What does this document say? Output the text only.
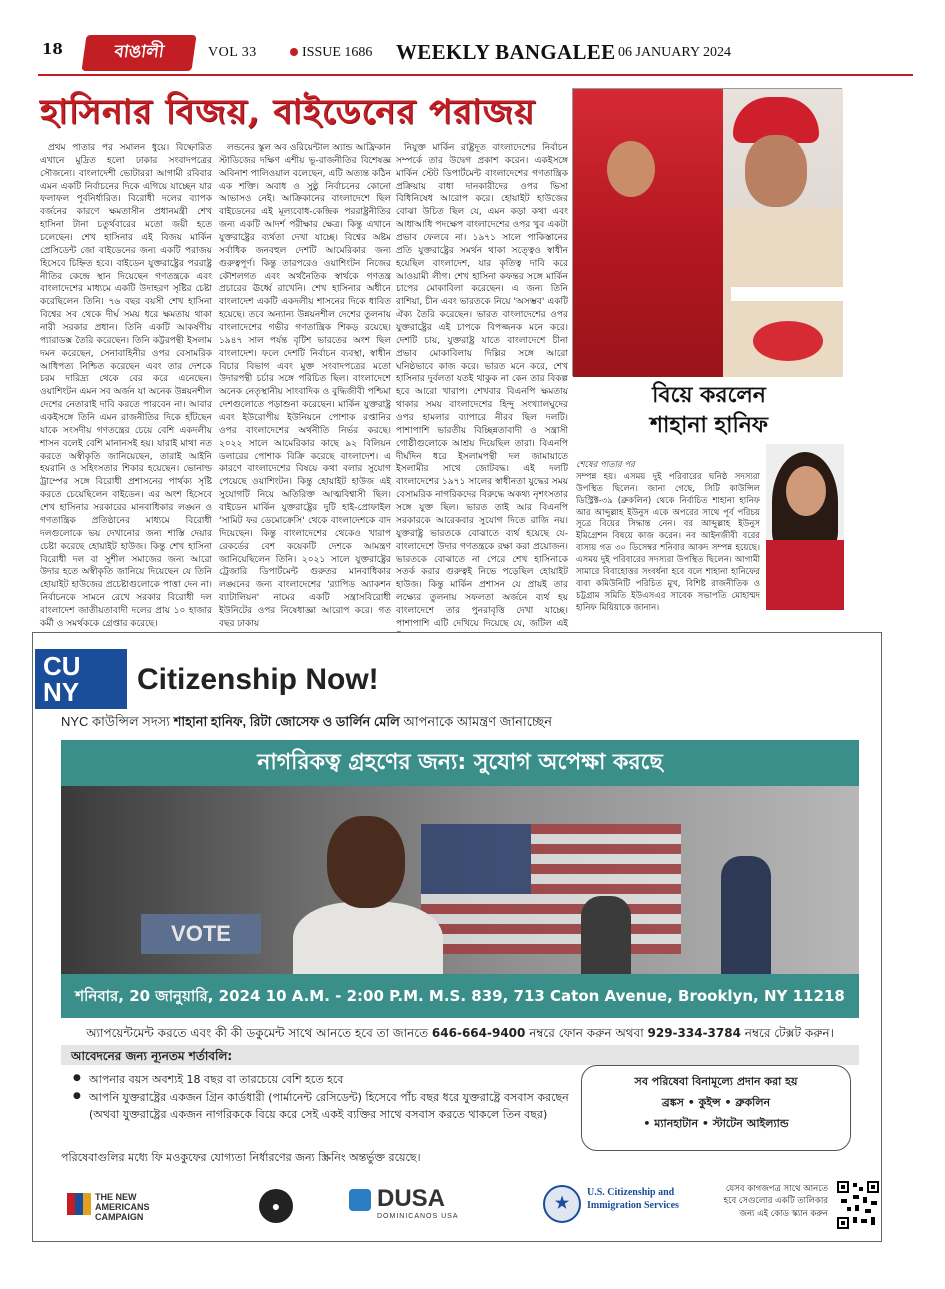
18	বাঙালী	VOL 33	ISSUE 1686 WEEKLY BANGALEE 06 JANUARY 2024
হাসিনার বিজয়, বাইডেনের পরাজয়

প্রথম পাতার পর সমালন ধুয়ে। বিষ্ফোরিত এখানে মুদ্রিত হলো ঢাকার সংবাদপত্রের সৌজন্যে। বাংলাদেশী ভোটাররা আগামী রবিবার এমন একটি নির্বাচনের দিকে এগিয়ে যাচ্ছেন যার ফলাফল পূর্বনির্ধারিত। বিরোধী দলের ব্যাপক বর্জনের কারণে ক্ষমতাসীন প্রধানমন্ত্রী শেখ হাসিনা টানা চতুর্থবারের মতো জয়ী হতে চলেছেন। শেখ হাসিনার এই বিজয় মার্কিন প্রেসিডেন্ট জো বাইডেনের জন্য একটি পরাজয় হিসেবে চিহ্নিত হবে। বাইডেন যুক্তরাষ্ট্রের পররাষ্ট্র নীতির কেন্দ্রে স্থান দিয়েছেন গণতন্ত্রকে এবং বাংলাদেশের মাধ্যমে একটি উদাহরণ সৃষ্টির চেষ্টা করেছিলেন তিনি। ৭৬ বছর বয়সী শেখ হাসিনা বিশ্বের সব থেকে দীর্ঘ সময় ধরে ক্ষমতায় থাকা নারী সরকার প্রধান। তিনি একটি আকর্ষণীয় প্যারাডক্স তৈরি করেছেন। তিনি কট্টরপন্থী ইসলাম দমন করেছেন, সেনাবাহিনীর ওপর বেসামরিক আধিপত্য নিশ্চিত করেছেন এবং তার দেশকে চরম দারিদ্র্য থেকে বের করে এনেছেন। ওয়াশিংটন এমন সব অর্জন যা অনেক উন্নয়নশীল দেশের নেতারাই দাবি করতে পারবেন না। আবার একইসঙ্গে তিনি এমন রাজনীতির দিকে হাঁটছেন যাকে সংসদীয় গণতন্ত্রের চেয়ে বেশি একদলীয় শাসন বলেই বেশি মানানসই হয়। যারাই মাথা নত করতে অস্বীকৃতি জানিয়েছেন, তারাই আইনি হয়রানি ও সহিংসতার শিকার হয়েছেন। ভোনাল্ড ট্রাম্পের সঙ্গে বিরোধী প্রশাসনের পার্থক্য সৃষ্টি করতে চেয়েছিলেন বাইডেন। এর অংশ হিসেবে শেখ হাসিনার সরকারের মানবাধিকার লঙ্ঘন ও গণতান্ত্রিক প্রতিষ্ঠানের মাধ্যমে বিরোধী দলগুলোকে ভয় দেখানোর জন্য শাস্তি দেয়ার চেষ্টা করেছে হোয়াইট হাউজ। কিন্তু শেখ হাসিনা বিরোধী দল বা সুশীল সমাজের জন্য আরো উদার হতে অস্বীকৃতি জানিয়ে দিয়েছেন যে তিনি হোয়াইট হাউজের প্রচেষ্টাগুলোকে পাত্তা দেন না। নির্বাচনকে সামনে রেখে সরকার বিরোধী দল বাংলাদেশ জাতীয়তাবাদী দলের প্রায় ১০ হাজার কর্মী ও সমর্থককে গ্রেপ্তার করেছে।

লন্ডনের স্কুল অব ওরিয়েন্টাল অ্যান্ড আফ্রিকান স্টাডিজের দক্ষিণ এশীয় ভূ-রাজনীতির বিশেষজ্ঞ অবিনাশ পালিওয়াল বলেছেন, এটি অত্যন্ত কঠিন এক শক্তি। অবাধ ও সুষ্ঠু নির্বাচনের কোনো আভাসও নেই। আক্রিকানের বাংলাদেশে ছিল বাইডেনের এই মূল্যবোধ-কেন্দ্রিক পররাষ্ট্রনীতির জন্য একটি আদর্শ পরীক্ষার ক্ষেত্র। কিন্তু এখানে যুক্তরাষ্ট্রের ব্যর্থতা দেখা যাচ্ছে। বিশ্বের অষ্টম সর্বাধিক জনবহুল দেশটি আমেরিকার জন্য গুরুত্বপূর্ণ। কিন্তু তারপরেও ওয়াশিংটন নিজের কৌশলগত এবং অর্থনৈতিক স্বার্থকে গণতন্ত্র প্রচারের ঊর্ধ্বে রাখেনি। শেখ হাসিনার অধীনে বাংলাদেশ একটি একদলীয় শাসনের দিকে ধাবিত হয়েছে। তবে অন্যান্য উন্নয়নশীল দেশের তুলনায় বাংলাদেশের গভীর গণতান্ত্রিক শিকড় রয়েছে। ১৯৪৭ সাল পর্যন্ত বৃটিশ ভারতের অংশ ছিল বাংলাদেশ। ফলে দেশটি নির্বাচন ব্যবস্থা, স্বাধীন বিচার বিভাগ এবং মুক্ত সংবাদপত্রের মতো উদারপন্থী চর্চার সঙ্গে পরিচিত ছিল। বাংলাদেশে অনেক নেতৃস্থানীয় সাংবাদিক ও বুদ্ধিজীবী পশ্চিমা দেশগুলোতে পড়াশুনা করেছেন। মার্কিন যুক্তরাষ্ট্র এবং ইউরোপীয় ইউনিয়নে পোশাক রপ্তানির ওপর বাংলাদেশের অর্থনীতি নির্ভর করছে। ২০২২ সালে আমেরিকার কাছে ৯২ বিলিয়ন ডলারের পোশাক বিক্রি করেছে বাংলাদেশ। এ কারণে বাংলাদেশের বিষয়ে কথা বলার সুযোগ পেয়েছে ওয়াশিংটন। কিন্তু হোয়াইট হাউজ এই সুযোগটি নিয়ে অতিরিক্ত আত্মবিশ্বাসী ছিল। বাইডেন মার্কিন যুক্তরাষ্ট্রের দুটি হাই-প্রোফাইল 'সামিট ফর ডেমোক্রেসি' থেকে বাংলাদেশকে বাদ দিয়েছেন। কিন্তু বাংলাদেশের থেকেও খারাপ রেকর্ডের বেশ কয়েকটি দেশকে আমন্ত্রণ জানিয়েছিলেন তিনি। ২০২১ সালে যুক্তরাষ্ট্রের ট্রেজারি ডিপার্টমেন্ট গুরুতর মানবাধিকার লঙ্ঘনের জন্য বাংলাদেশের 'র‍্যাপিড অ্যাকশন ব্যাটালিয়ন' নামের একটি সন্ত্রাসবিরোধী ইউনিটের ওপর নিষেধাজ্ঞা আরোপ করে। গত বছর ঢাকায়

নিযুক্ত মার্কিন রাষ্ট্রদূত বাংলাদেশের নির্বাচন সম্পর্কে তার উদ্বেগ প্রকাশ করেন। একইসঙ্গে মার্কিন স্টেট ডিপার্টমেন্ট বাংলাদেশের গণতান্ত্রিক প্রক্রিয়ায় বাধা দানকারীদের ওপর ভিসা বিধিনিষেধ আরোপ করে। হোয়াইট হাউজের বোঝা উচিত ছিল যে, এমন কড়া কথা এবং আধাআধি পদক্ষেপ বাংলাদেশের ওপর খুব একটা প্রভাব ফেলবে না। ১৯৭১ সালে পাকিস্তানের প্রতি যুক্তরাষ্ট্রের সমর্থন থাকা সত্ত্বেও স্বাধীন হয়েছিল বাংলাদেশ, যার কৃতিত্ব দাবি করে আওয়ামী লীগ। শেখ হাসিনা কফন্তর সঙ্গে মার্কিন চাপের মোকাবিলা করেছেন। এ জন্য তিনি রাশিয়া, চীন এবং ভারতকে নিয়ে 'অসম্ভব' একটি ঐক্য তৈরি করেছেন। ভারত বাংলাদেশের ওপর যুক্তরাষ্ট্রের এই চাপকে বিপজ্জনক মনে করে। দেশটি চায়, যুক্তরাষ্ট্র যাতে বাংলাদেশে চীনা প্রভাব মোকাবিলায় দিল্লির সঙ্গে আরো ঘনিষ্ঠভাবে কাজ করে। ভারত মনে করে, শেখ হাসিনার দুর্বলতা যতই থাকুক না কেন তার বিকল্প হবে আরো খারাপ। শেখবার বিএনপি ক্ষমতায় থাকার সময় বাংলাদেশের হিন্দু সংখ্যালঘুদের ওপর হামলার ব্যাপারে নীরব ছিল দলটি। পাশাপাশি ভারতীয় বিচ্ছিন্নতাবাদী ও সন্ত্রাসী গোষ্ঠীগুলোকে আশ্রয় দিয়েছিল তারা। বিএনপি দীর্ঘদিন ধরে ইসলামপন্থী দল জামায়াতে ইসলামীর সাথে জোটবদ্ধ। এই দলটি বাংলাদেশের ১৯৭১ সালের স্বাধীনতা যুদ্ধের সময় বেসামরিক নাগরিকদের বিরুদ্ধে অকথ্য নৃশংসতার সঙ্গে যুক্ত ছিল। ভারত তাই আর বিএনপি সরকারকে আরেকবার সুযোগ দিতে রাজি নয়। যুক্তরাষ্ট্র ভারতকে বোঝাতে ব্যর্থ হয়েছে যে- বাংলাদেশে উদার গণতন্ত্রকে রক্ষা করা প্রয়োজন। ভারতকে বোঝাতে না পেরে শেখ হাসিনাকে সতর্ক করার গুরুত্বই নিভে পড়েছিল হোয়াইট হাউজ। কিন্তু মার্কিন প্রশাসন যে প্রায়ই তার লক্ষ্যের তুলনায় সফলতা অর্জনে ব্যর্থ হয় বাংলাদেশে তার পুনরাবৃত্তি দেখা যাচ্ছে। পাশাপাশি এটি দেখিয়ে দিয়েছে যে, জটিল এই

বিয়ে করলেন
শাহানা হানিফ
শেষের পাতার পর
সম্পন্ন হয়। এসময় দুই পরিবারের ঘনিষ্ঠ সদস্যরা উপস্থিত ছিলেন। জানা গেছে, সিটি কাউন্সিল ডিস্ট্রিক্ট-৩৯ (ব্রুকলিন) থেকে নির্বাচিত শাহানা হানিফ আর আব্দুল্লাহ ইউনুস একে অপরের সাথে পূর্ব পরিচয় সূত্রে বিয়ের সিদ্ধান্ত নেন। বর আব্দুল্লাহ ইউনুস ইমিগ্রেশন বিষয়ে কাজ করেন। নব আইনজীবী বরের বাসায় গত ৩০ ডিসেম্বর শনিবার আকদ সম্পন্ন হয়েছে। এসময় দুই পরিবারের সদস্যরা উপস্থিত ছিলেন। আগামী সামারে বিবাহোত্তর সংবর্ধনা হবে বলে শাহানা হানিফের বাবা কমিউনিটি পরিচিত মুখ, বিশিষ্ট রাজনীতিক ও চট্টগ্রাম সমিতি ইউএসএর সাবেক সভাপতি মোহাম্মদ হানিফ মিয়িয়াকে জানান।
CU
NY	Citizenship Now!
NYC কাউন্সিল সদস্য শাহানা হানিফ, রিটা জোসেফ ও ডার্লিন মেলি আপনাকে আমন্ত্রণ জানাচ্ছেন
নাগরিকত্ব গ্রহণের জন্য: সুযোগ অপেক্ষা করছে
VOTE
শনিবার, 20 জানুয়ারি, 2024 10 A.M. - 2:00 P.M. M.S. 839, 713 Caton Avenue, Brooklyn, NY 11218
অ্যাপয়েন্টমেন্ট করতে এবং কী কী ডকুমেন্ট সাথে আনতে হবে তা জানতে 646-664-9400 নম্বরে ফোন করুন অথবা 929-334-3784 নম্বরে টেক্সট করুন।
আবেদনের জন্য ন্যূনতম শর্তাবলি:
● আপনার বয়স অবশ্যই 18 বছর বা তারচেয়ে বেশি হতে হবে
● আপনি যুক্তরাষ্ট্রের একজন গ্রিন কার্ডধারী (পার্মানেন্ট রেসিডেন্ট) হিসেবে পাঁচ বছর ধরে যুক্তরাষ্ট্রে বসবাস করছেন (অথবা যুক্তরাষ্ট্রের একজন নাগরিককে বিয়ে করে সেই একই ব্যক্তির সাথে বসবাস করতে থাকলে তিন বছর)
পরিষেবাগুলির মধ্যে ফি মওকুফের যোগ্যতা নির্ধারণের জন্য স্ক্রিনিং অন্তর্ভুক্ত রয়েছে।
সব পরিষেবা বিনামূল্যে প্রদান করা হয়
ব্রঙ্কস • কুইন্স • ব্রুকলিন
• ম্যানহাটান • স্টাটেন আইল্যান্ড
THE NEW AMERICANS CAMPAIGN
●	DUSA
DOMINICANOS USA
★
U.S. Citizenship and Immigration Services
যেসব কাগজপত্র সাথে আনতে হবে সেগুলোর একটি তালিকার জন্য এই কোড স্ক্যান করুন
